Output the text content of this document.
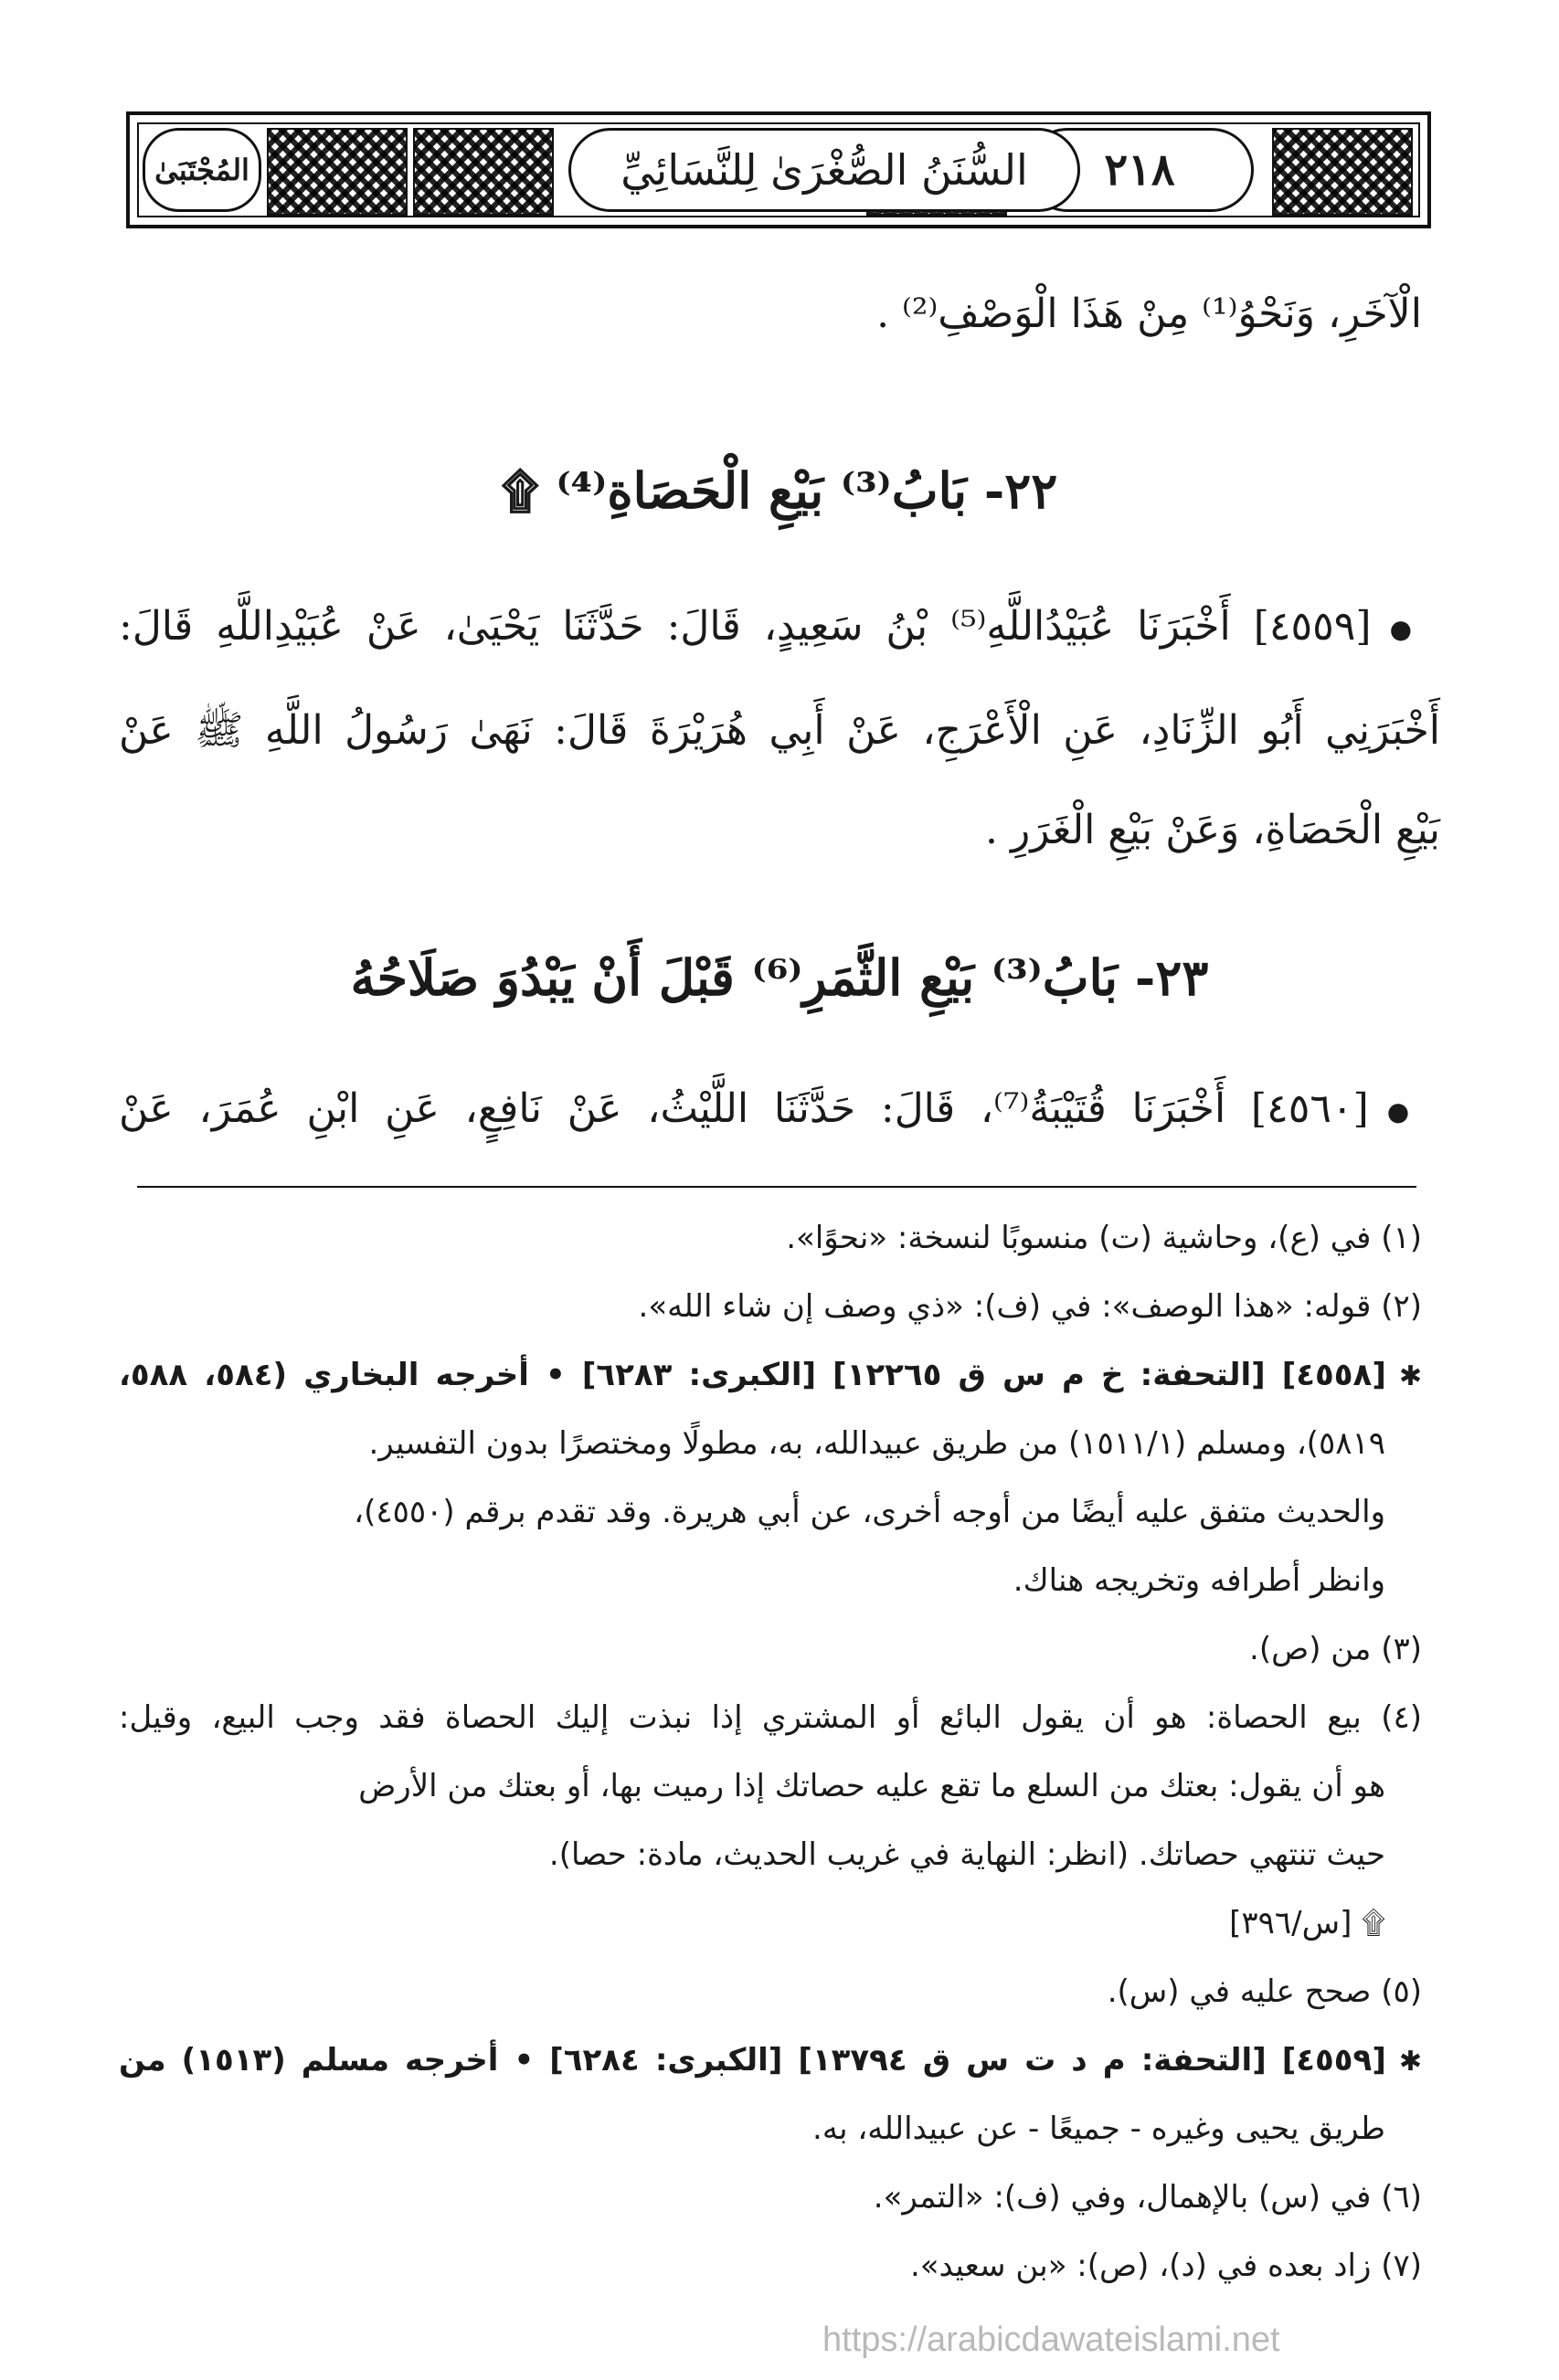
٢١٨
السُّنَنُ الصُّغْرَىٰ لِلنَّسَائِيِّ
المُجْتَبَىٰ
الْآخَرِ، وَنَحْوُ⁽¹⁾ مِنْ هَذَا الْوَصْفِ⁽²⁾ .
٢٢- بَابُ⁽³⁾ بَيْعِ الْحَصَاةِ⁽⁴⁾ ۩
● [٤٥٥٩] أَخْبَرَنَا عُبَيْدُاللَّهِ⁽⁵⁾ بْنُ سَعِيدٍ، قَالَ: حَدَّثَنَا يَحْيَىٰ، عَنْ عُبَيْدِاللَّهِ قَالَ:
أَخْبَرَنِي أَبُو الزِّنَادِ، عَنِ الْأَعْرَجِ، عَنْ أَبِي هُرَيْرَةَ قَالَ: نَهَىٰ رَسُولُ اللَّهِ ﷺ عَنْ
بَيْعِ الْحَصَاةِ، وَعَنْ بَيْعِ الْغَرَرِ .
٢٣- بَابُ⁽³⁾ بَيْعِ الثَّمَرِ⁽⁶⁾ قَبْلَ أَنْ يَبْدُوَ صَلَاحُهُ
● [٤٥٦٠] أَخْبَرَنَا قُتَيْبَةُ⁽⁷⁾، قَالَ: حَدَّثَنَا اللَّيْثُ، عَنْ نَافِعٍ، عَنِ ابْنِ عُمَرَ، عَنْ
(١) في (ع)، وحاشية (ت) منسوبًا لنسخة: «نحوًا».
(٢) قوله: «هذا الوصف»: في (ف): «ذي وصف إن شاء الله».
✱ [٤٥٥٨] [التحفة: خ م س ق ١٢٢٦٥] [الكبرى: ٦٢٨٣] • أخرجه البخاري (٥٨٤، ٥٨٨،
٥٨١٩)، ومسلم (١٥١١/١) من طريق عبيدالله، به، مطولًا ومختصرًا بدون التفسير.
والحديث متفق عليه أيضًا من أوجه أخرى، عن أبي هريرة. وقد تقدم برقم (٤٥٥٠)،
وانظر أطرافه وتخريجه هناك.
(٣) من (ص).
(٤) بيع الحصاة: هو أن يقول البائع أو المشتري إذا نبذت إليك الحصاة فقد وجب البيع، وقيل:
هو أن يقول: بعتك من السلع ما تقع عليه حصاتك إذا رميت بها، أو بعتك من الأرض
حيث تنتهي حصاتك. (انظر: النهاية في غريب الحديث، مادة: حصا).
۩ [س/٣٩٦]
(٥) صحح عليه في (س).
✱ [٤٥٥٩] [التحفة: م د ت س ق ١٣٧٩٤] [الكبرى: ٦٢٨٤] • أخرجه مسلم (١٥١٣) من
طريق يحيى وغيره - جميعًا - عن عبيدالله، به.
(٦) في (س) بالإهمال، وفي (ف): «التمر».
(٧) زاد بعده في (د)، (ص): «بن سعيد».
https://arabicdawateislami.net
